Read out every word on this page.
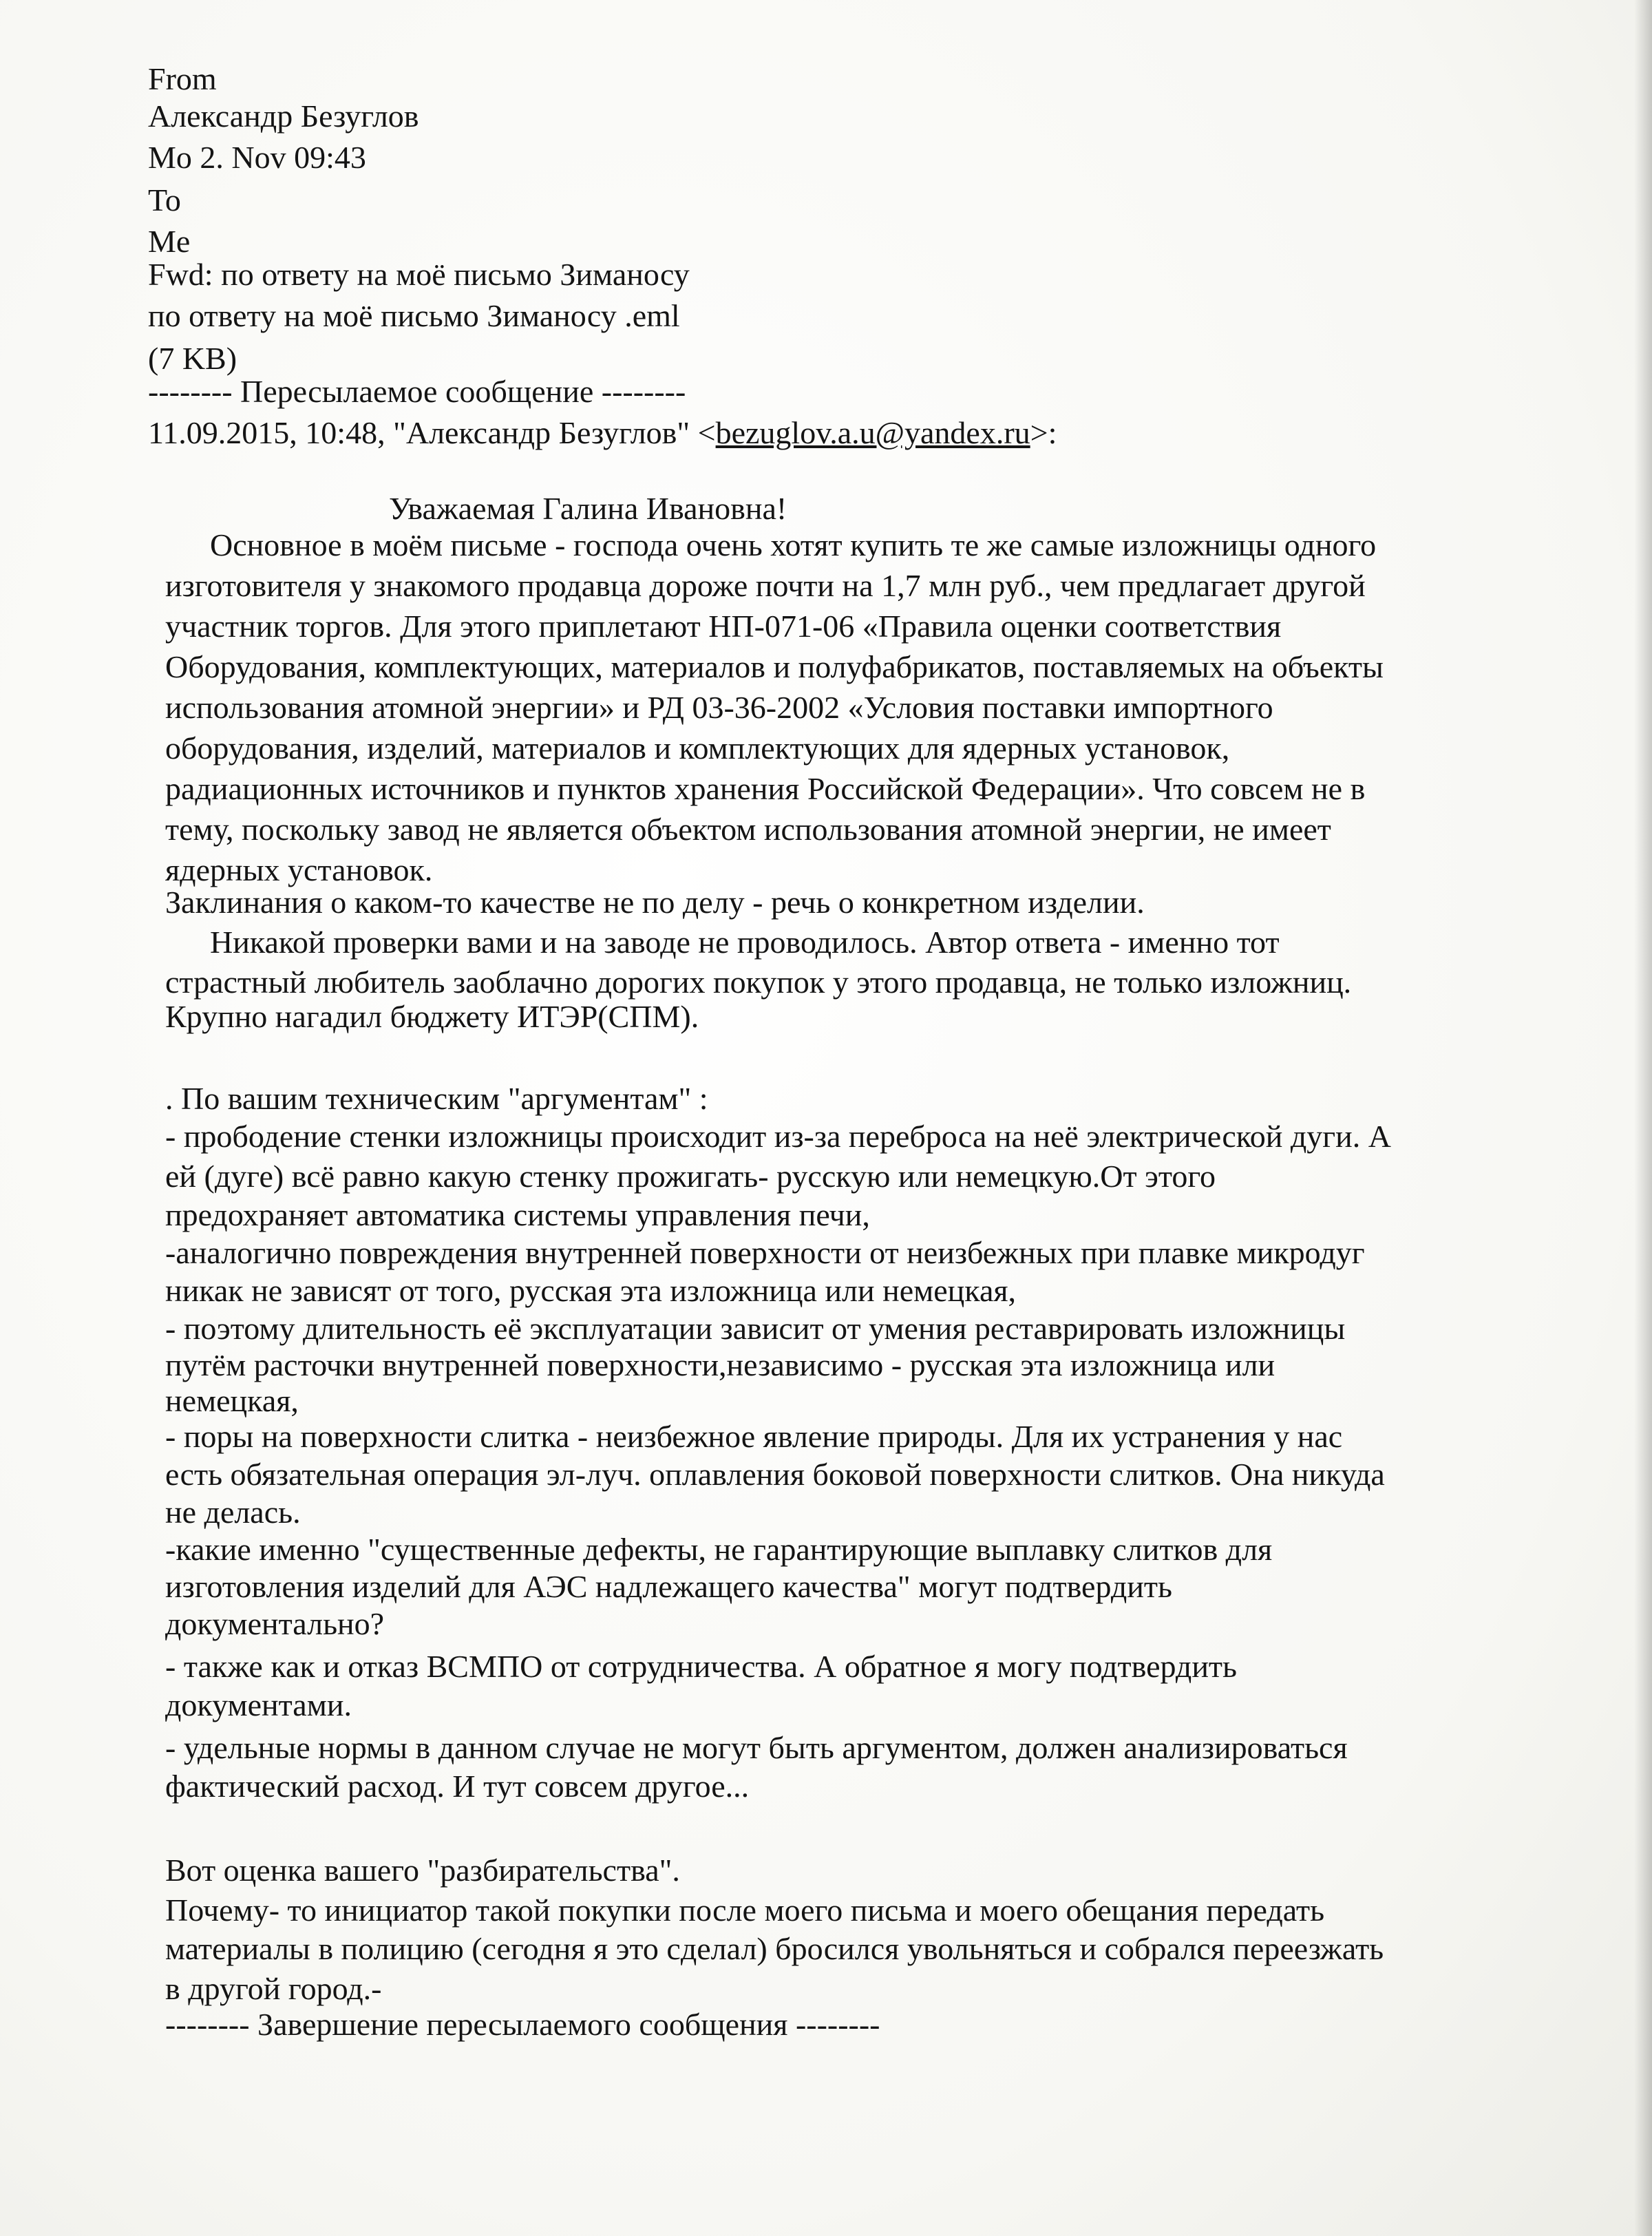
From
Александр Безуглов
Mo 2. Nov 09:43
To
Me
Fwd: по ответу на моё письмо Зиманосу
по ответу на моё письмо Зиманосу .eml
(7 KB)
-------- Пересылаемое сообщение --------
11.09.2015, 10:48, "Александр Безуглов" <bezuglov.a.u@yandex.ru>:
Уважаемая Галина Ивановна!
Основное в моём письме - господа очень хотят купить те же самые изложницы одного
изготовителя у знакомого продавца дороже почти на 1,7 млн руб., чем предлагает другой
участник торгов. Для этого приплетают НП-071-06 «Правила оценки соответствия
Оборудования, комплектующих, материалов и полуфабрикатов, поставляемых на объекты
использования атомной энергии» и РД 03-36-2002 «Условия поставки импортного
оборудования, изделий, материалов и комплектующих для ядерных установок,
радиационных источников и пунктов хранения Российской Федерации». Что совсем не в
тему, поскольку завод не является объектом использования атомной энергии, не имеет
ядерных установок.
Заклинания о каком-то качестве не по делу - речь о конкретном изделии.
Никакой проверки вами и на заводе не проводилось. Автор ответа - именно тот
страстный любитель заоблачно дорогих покупок у этого продавца, не только изложниц.
Крупно нагадил бюджету ИТЭР(СПМ).
. По вашим техническим "аргументам" :
- прободение стенки изложницы происходит из-за переброса на неё электрической дуги. А
ей (дуге) всё равно какую стенку прожигать- русскую или немецкую.От этого
предохраняет автоматика системы управления печи,
-аналогично повреждения внутренней поверхности от неизбежных при плавке микродуг
никак не зависят от того, русская эта изложница или немецкая,
- поэтому длительность её эксплуатации зависит от умения реставрировать изложницы
путём расточки внутренней поверхности,независимо - русская эта изложница или
немецкая,
- поры на поверхности слитка - неизбежное явление природы. Для их устранения у нас
есть обязательная операция эл-луч. оплавления боковой поверхности слитков. Она никуда
не делась.
-какие именно "существенные дефекты, не гарантирующие выплавку слитков для
изготовления изделий для АЭС надлежащего качества" могут подтвердить
документально?
- также как и отказ ВСМПО от сотрудничества. А обратное я могу подтвердить
документами.
- удельные нормы в данном случае не могут быть аргументом, должен анализироваться
фактический расход. И тут совсем другое...
Вот оценка вашего "разбирательства".
Почему- то инициатор такой покупки после моего письма и моего обещания передать
материалы в полицию (сегодня я это сделал) бросился увольняться и собрался переезжать
в другой город.-
-------- Завершение пересылаемого сообщения --------
